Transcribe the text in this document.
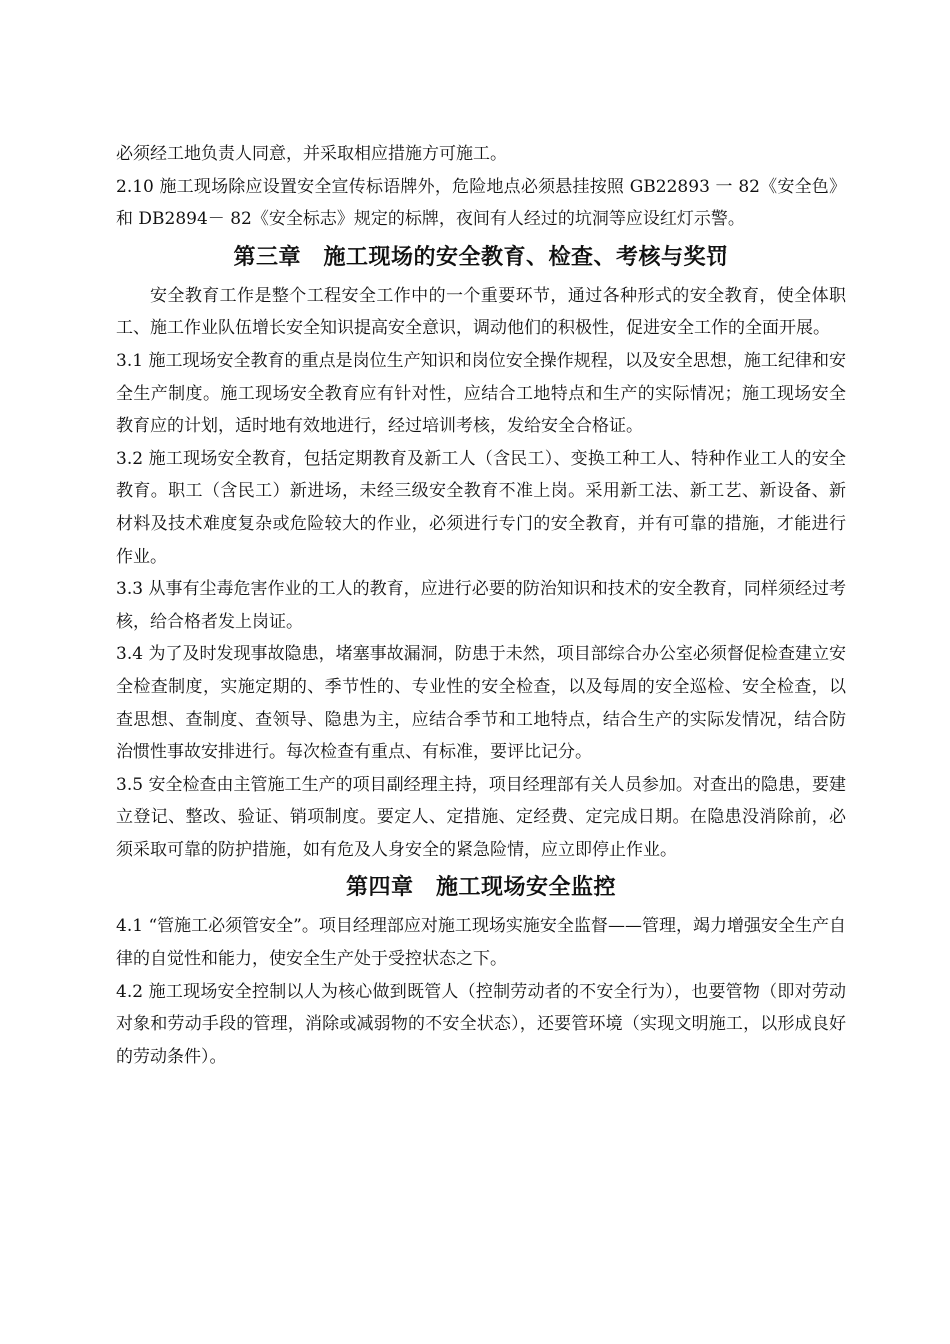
必须经工地负责人同意，并采取相应措施方可施工。

2.10 施工现场除应设置安全宣传标语牌外，危险地点必须悬挂按照 GB22893 一 82《安全色》和 DB2894－ 82《安全标志》规定的标牌，夜间有人经过的坑洞等应设红灯示警。

第三章　施工现场的安全教育、检查、考核与奖罚

安全教育工作是整个工程安全工作中的一个重要环节，通过各种形式的安全教育，使全体职工、施工作业队伍增长安全知识提高安全意识，调动他们的积极性，促进安全工作的全面开展。

3.1 施工现场安全教育的重点是岗位生产知识和岗位安全操作规程，以及安全思想，施工纪律和安全生产制度。施工现场安全教育应有针对性，应结合工地特点和生产的实际情况；施工现场安全教育应的计划，适时地有效地进行，经过培训考核，发给安全合格证。

3.2 施工现场安全教育，包括定期教育及新工人（含民工）、变换工种工人、特种作业工人的安全教育。职工（含民工）新进场，未经三级安全教育不准上岗。采用新工法、新工艺、新设备、新材料及技术难度复杂或危险较大的作业，必须进行专门的安全教育，并有可靠的措施，才能进行作业。

3.3 从事有尘毒危害作业的工人的教育，应进行必要的防治知识和技术的安全教育，同样须经过考核，给合格者发上岗证。

3.4 为了及时发现事故隐患，堵塞事故漏洞，防患于未然，项目部综合办公室必须督促检查建立安全检查制度，实施定期的、季节性的、专业性的安全检查，以及每周的安全巡检、安全检查，以查思想、查制度、查领导、隐患为主，应结合季节和工地特点，结合生产的实际发情况，结合防治惯性事故安排进行。每次检查有重点、有标准，要评比记分。

3.5 安全检查由主管施工生产的项目副经理主持，项目经理部有关人员参加。对查出的隐患，要建立登记、整改、验证、销项制度。要定人、定措施、定经费、定完成日期。在隐患没消除前，必须采取可靠的防护措施，如有危及人身安全的紧急险情，应立即停止作业。

第四章　施工现场安全监控

4.1 “管施工必须管安全”。项目经理部应对施工现场实施安全监督——管理，竭力增强安全生产自律的自觉性和能力，使安全生产处于受控状态之下。

4.2 施工现场安全控制以人为核心做到既管人（控制劳动者的不安全行为），也要管物（即对劳动对象和劳动手段的管理，消除或减弱物的不安全状态），还要管环境（实现文明施工，以形成良好的劳动条件）。
